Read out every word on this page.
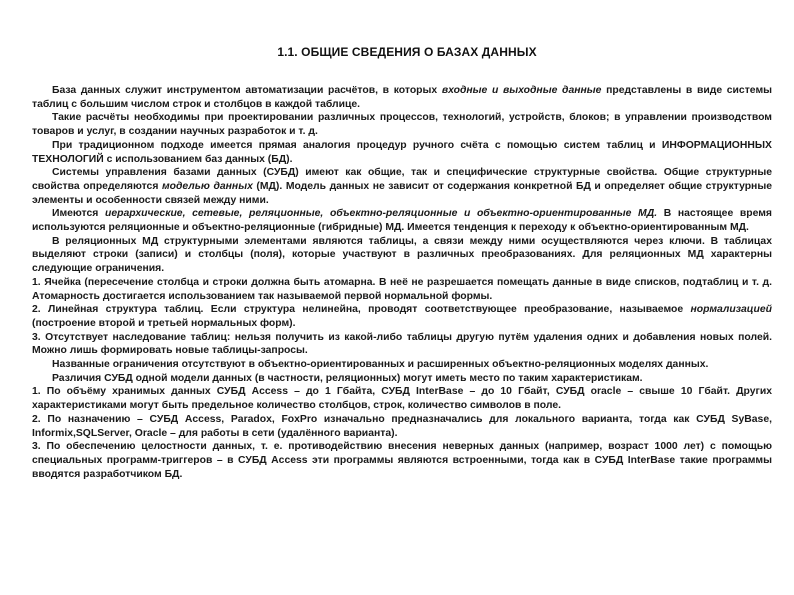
1.1. ОБЩИЕ СВЕДЕНИЯ О БАЗАХ ДАННЫХ

База данных служит инструментом автоматизации расчётов, в которых входные и выходные данные представлены в виде системы таблиц с большим числом строк и столбцов в каждой таблице.

Такие расчёты необходимы при проектировании различных процессов, технологий, устройств, блоков; в управлении производством товаров и услуг, в создании научных разработок и т. д.

При традиционном подходе имеется прямая аналогия процедур ручного счёта с помощью систем таблиц и ИНФОРМАЦИОННЫХ ТЕХНОЛОГИЙ с использованием баз данных (БД).

Системы управления базами данных (СУБД) имеют как общие, так и специфические структурные свойства. Общие структурные свойства определяются моделью данных (МД). Модель данных не зависит от содержания конкретной БД и определяет общие структурные элементы и особенности связей между ними.

Имеются иерархические, сетевые, реляционные, объектно-реляционные и объектно-ориентированные МД. В настоящее время используются реляционные и объектно-реляционные (гибридные) МД. Имеется тенденция к переходу к объектно-ориентированным МД.

В реляционных МД структурными элементами являются таблицы, а связи между ними осуществляются через ключи. В таблицах выделяют строки (записи) и столбцы (поля), которые участвуют в различных преобразованиях. Для реляционных МД характерны следующие ограничения.

1. Ячейка (пересечение столбца и строки должна быть атомарна. В неё не разрешается помещать данные в виде списков, подтаблиц и т. д. Атомарность достигается использованием так называемой первой нормальной формы.

2. Линейная структура таблиц. Если структура нелинейна, проводят соответствующее преобразование, называемое нормализацией (построение второй и третьей нормальных форм).

3. Отсутствует наследование таблиц: нельзя получить из какой-либо таблицы другую путём удаления одних и добавления новых полей. Можно лишь формировать новые таблицы-запросы.

Названные ограничения отсутствуют в объектно-ориентированных и расширенных объектно-реляционных моделях данных.

Различия СУБД одной модели данных (в частности, реляционных) могут иметь место по таким характеристикам.

1. По объёму хранимых данных СУБД Access – до 1 Гбайта, СУБД InterBase – до 10 Гбайт, СУБД oracle – свыше 10 Гбайт. Других характеристиками могут быть предельное количество столбцов, строк, количество символов в поле.

2. По назначению – СУБД Access, Paradox, FoxPro изначально предназначались для локального варианта, тогда как СУБД SyBase, Informix,SQLServer, Oracle – для работы в сети (удалённого варианта).

3. По обеспечению целостности данных, т. е. противодействию внесения неверных данных (например, возраст 1000 лет) с помощью специальных программ-триггеров – в СУБД Access эти программы являются встроенными, тогда как в СУБД InterBase такие программы вводятся разработчиком БД.
